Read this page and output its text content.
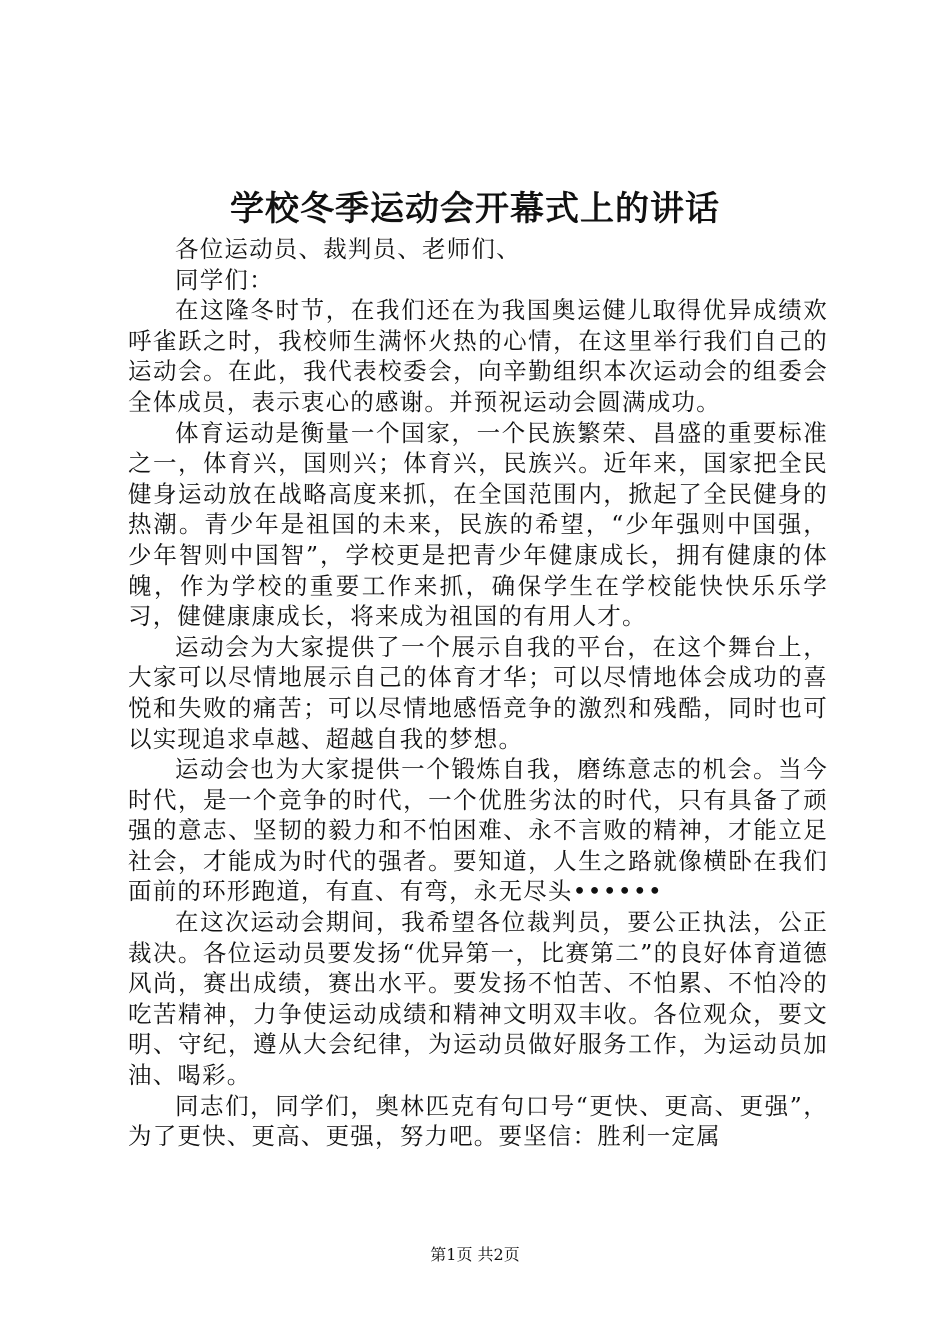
学校冬季运动会开幕式上的讲话

各位运动员、裁判员、老师们、

同学们：

在这隆冬时节，在我们还在为我国奥运健儿取得优异成绩欢呼雀跃之时，我校师生满怀火热的心情，在这里举行我们自己的运动会。在此，我代表校委会，向辛勤组织本次运动会的组委会全体成员，表示衷心的感谢。并预祝运动会圆满成功。

体育运动是衡量一个国家，一个民族繁荣、昌盛的重要标准之一，体育兴，国则兴；体育兴，民族兴。近年来，国家把全民健身运动放在战略高度来抓，在全国范围内，掀起了全民健身的热潮。青少年是祖国的未来，民族的希望，“少年强则中国强，少年智则中国智”，学校更是把青少年健康成长，拥有健康的体魄，作为学校的重要工作来抓，确保学生在学校能快快乐乐学习，健健康康成长，将来成为祖国的有用人才。

运动会为大家提供了一个展示自我的平台，在这个舞台上，大家可以尽情地展示自己的体育才华；可以尽情地体会成功的喜悦和失败的痛苦；可以尽情地感悟竞争的激烈和残酷，同时也可以实现追求卓越、超越自我的梦想。

运动会也为大家提供一个锻炼自我，磨练意志的机会。当今时代，是一个竞争的时代，一个优胜劣汰的时代，只有具备了顽强的意志、坚韧的毅力和不怕困难、永不言败的精神，才能立足社会，才能成为时代的强者。要知道，人生之路就像横卧在我们面前的环形跑道，有直、有弯，永无尽头••••••

在这次运动会期间，我希望各位裁判员，要公正执法，公正裁决。各位运动员要发扬“优异第一，比赛第二”的良好体育道德风尚，赛出成绩，赛出水平。要发扬不怕苦、不怕累、不怕冷的吃苦精神，力争使运动成绩和精神文明双丰收。各位观众，要文明、守纪，遵从大会纪律，为运动员做好服务工作，为运动员加油、喝彩。

同志们，同学们，奥林匹克有句口号“更快、更高、更强”，为了更快、更高、更强，努力吧。要坚信：胜利一定属

第1页 共2页
